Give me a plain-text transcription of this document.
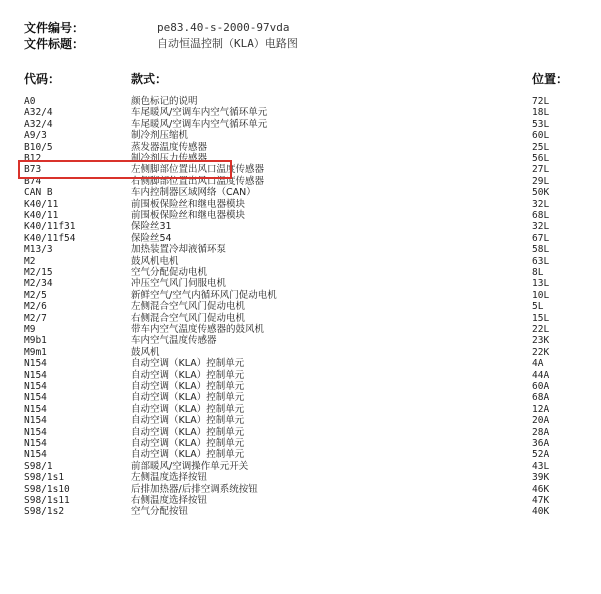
文件编号：	pe83.40-s-2000-97vda
文件标题：	自动恒温控制（KLA）电路图
代码：	款式：	位置：
A0	颜色标记的说明	72L
A32/4	车尾暖风/空调车内空气循环单元	18L
A32/4	车尾暖风/空调车内空气循环单元	53L
A9/3	制冷剂压缩机	60L
B10/5	蒸发器温度传感器	25L
B12	制冷剂压力传感器	56L
B73	左侧脚部位置出风口温度传感器	27L
B74	右侧脚部位置出风口温度传感器	29L
CAN B	车内控制器区域网络（CAN）	50K
K40/11	前围板保险丝和继电器模块	32L
K40/11	前围板保险丝和继电器模块	68L
K40/11f31	保险丝31	32L
K40/11f54	保险丝54	67L
M13/3	加热装置冷却液循环泵	58L
M2	鼓风机电机	63L
M2/15	空气分配促动电机	8L
M2/34	冲压空气风门伺服电机	13L
M2/5	新鲜空气/空气内循环风门促动电机	10L
M2/6	左侧混合空气风门促动电机	5L
M2/7	右侧混合空气风门促动电机	15L
M9	带车内空气温度传感器的鼓风机	22L
M9b1	车内空气温度传感器	23K
M9m1	鼓风机	22K
N154	自动空调（KLA）控制单元	4A
N154	自动空调（KLA）控制单元	44A
N154	自动空调（KLA）控制单元	60A
N154	自动空调（KLA）控制单元	68A
N154	自动空调（KLA）控制单元	12A
N154	自动空调（KLA）控制单元	20A
N154	自动空调（KLA）控制单元	28A
N154	自动空调（KLA）控制单元	36A
N154	自动空调（KLA）控制单元	52A
S98/1	前部暖风/空调操作单元开关	43L
S98/1s1	左侧温度选择按钮	39K
S98/1s10	后排加热器/后排空调系统按钮	46K
S98/1s11	右侧温度选择按钮	47K
S98/1s2	空气分配按钮	40K
